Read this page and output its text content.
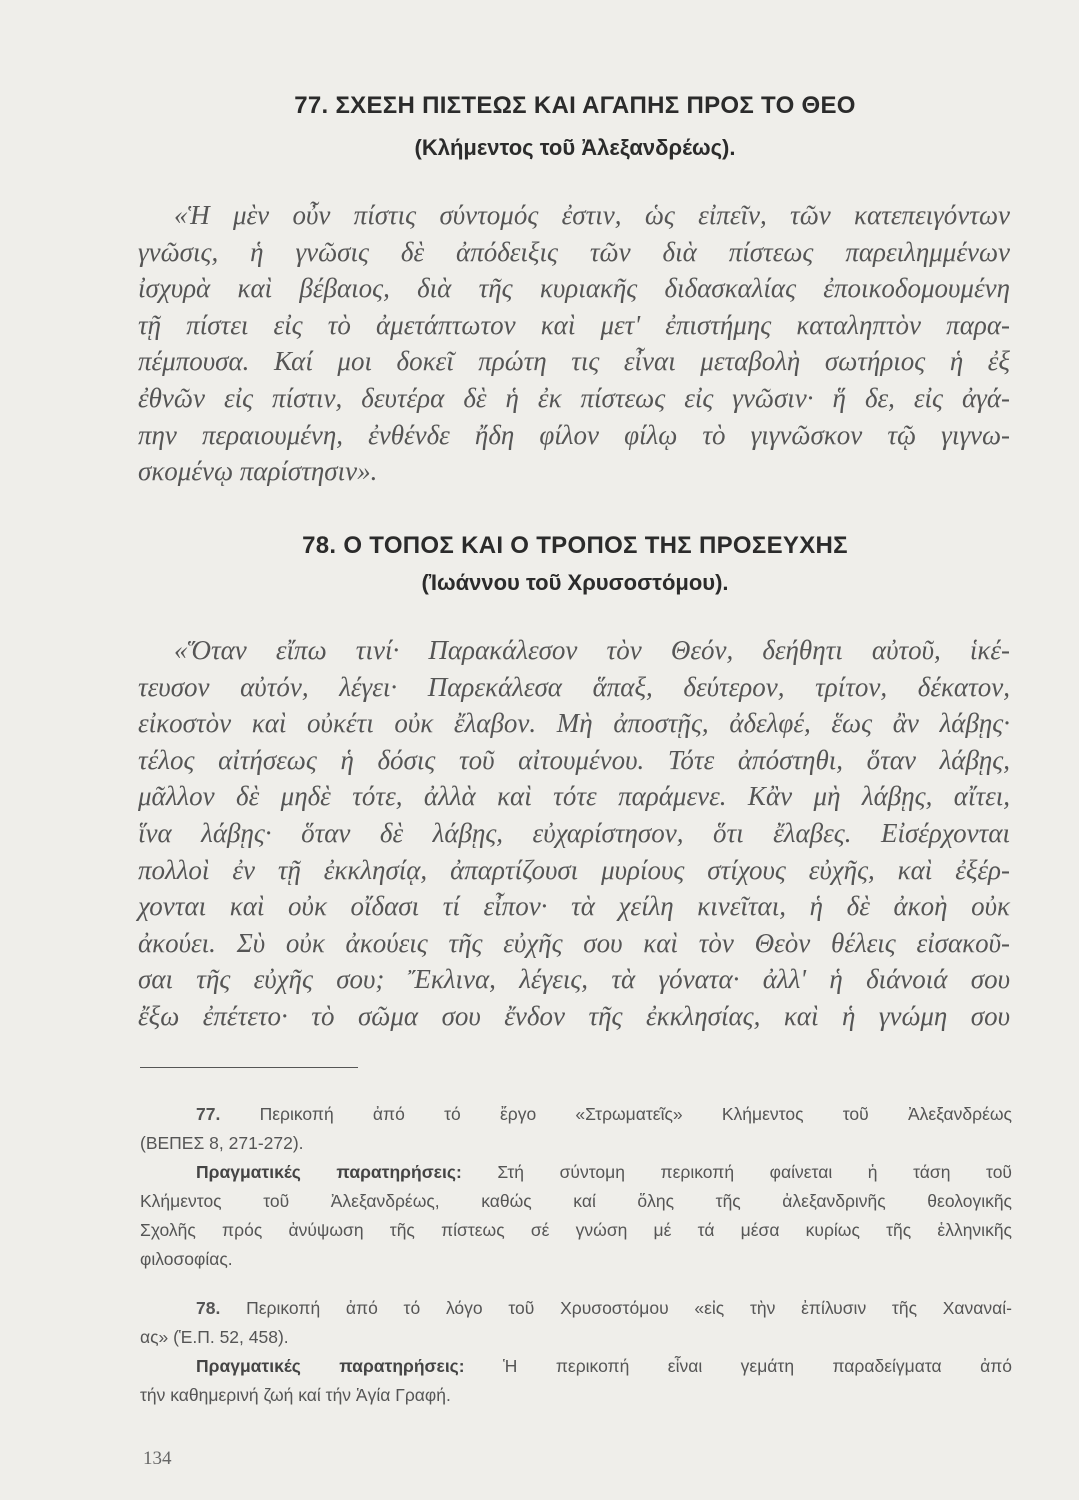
77. ΣΧΕΣΗ ΠΙΣΤΕΩΣ ΚΑΙ ΑΓΑΠΗΣ ΠΡΟΣ ΤΟ ΘΕΟ
(Κλήμεντος τοῦ Ἀλεξανδρέως).
«Ἡ μὲν οὖν πίστις σύντομός ἐστιν, ὡς εἰπεῖν, τῶν κατεπειγόντων
γνῶσις, ἡ γνῶσις δὲ ἀπόδειξις τῶν διὰ πίστεως παρειλημμένων
ἰσχυρὰ καὶ βέβαιος, διὰ τῆς κυριακῆς διδασκαλίας ἐποικοδομουμένη
τῇ πίστει εἰς τὸ ἀμετάπτωτον καὶ μετ' ἐπιστήμης καταληπτὸν παρα-
πέμπουσα. Καί μοι δοκεῖ πρώτη τις εἶναι μεταβολὴ σωτήριος ἡ ἐξ
ἐθνῶν εἰς πίστιν, δευτέρα δὲ ἡ ἐκ πίστεως εἰς γνῶσιν· ἥ δε, εἰς ἀγά-
πην περαιουμένη, ἐνθένδε ἤδη φίλον φίλῳ τὸ γιγνῶσκον τῷ γιγνω-
σκομένῳ παρίστησιν».
78. Ο ΤΟΠΟΣ ΚΑΙ Ο ΤΡΟΠΟΣ ΤΗΣ ΠΡΟΣΕΥΧΗΣ
(Ἰωάννου τοῦ Χρυσοστόμου).
«Ὅταν εἴπω τινί· Παρακάλεσον τὸν Θεόν, δεήθητι αὐτοῦ, ἱκέ-
τευσον αὐτόν, λέγει· Παρεκάλεσα ἅπαξ, δεύτερον, τρίτον, δέκατον,
εἰκοστὸν καὶ οὐκέτι οὐκ ἔλαβον. Μὴ ἀποστῇς, ἀδελφέ, ἕως ἂν λάβῃς·
τέλος αἰτήσεως ἡ δόσις τοῦ αἰτουμένου. Τότε ἀπόστηθι, ὅταν λάβῃς,
μᾶλλον δὲ μηδὲ τότε, ἀλλὰ καὶ τότε παράμενε. Κἂν μὴ λάβῃς, αἴτει,
ἵνα λάβῃς· ὅταν δὲ λάβῃς, εὐχαρίστησον, ὅτι ἔλαβες. Εἰσέρχονται
πολλοὶ ἐν τῇ ἐκκλησίᾳ, ἀπαρτίζουσι μυρίους στίχους εὐχῆς, καὶ ἐξέρ-
χονται καὶ οὐκ οἴδασι τί εἶπον· τὰ χείλη κινεῖται, ἡ δὲ ἀκοὴ οὐκ
ἀκούει. Σὺ οὐκ ἀκούεις τῆς εὐχῆς σου καὶ τὸν Θεὸν θέλεις εἰσακοῦ-
σαι τῆς εὐχῆς σου; Ἔκλινα, λέγεις, τὰ γόνατα· ἀλλ' ἡ διάνοιά σου
ἔξω ἐπέτετο· τὸ σῶμα σου ἔνδον τῆς ἐκκλησίας, καὶ ἡ γνώμη σου
77. Περικοπή ἀπό τό ἔργο «Στρωματεῖς» Κλήμεντος τοῦ Ἀλεξανδρέως
(ΒΕΠΕΣ 8, 271-272).
Πραγματικές παρατηρήσεις: Στή σύντομη περικοπή φαίνεται ἡ τάση τοῦ
Κλήμεντος τοῦ Ἀλεξανδρέως, καθώς καί ὅλης τῆς ἀλεξανδρινῆς θεολογικῆς
Σχολῆς πρός ἀνύψωση τῆς πίστεως σέ γνώση μέ τά μέσα κυρίως τῆς ἑλληνικῆς
φιλοσοφίας.
78. Περικοπή ἀπό τό λόγο τοῦ Χρυσοστόμου «εἰς τὴν ἐπίλυσιν τῆς Χαναναί-
ας» (Ἑ.Π. 52, 458).
Πραγματικές παρατηρήσεις: Ἡ περικοπή εἶναι γεμάτη παραδείγματα ἀπό
τήν καθημερινή ζωή καί τήν Ἁγία Γραφή.
134
